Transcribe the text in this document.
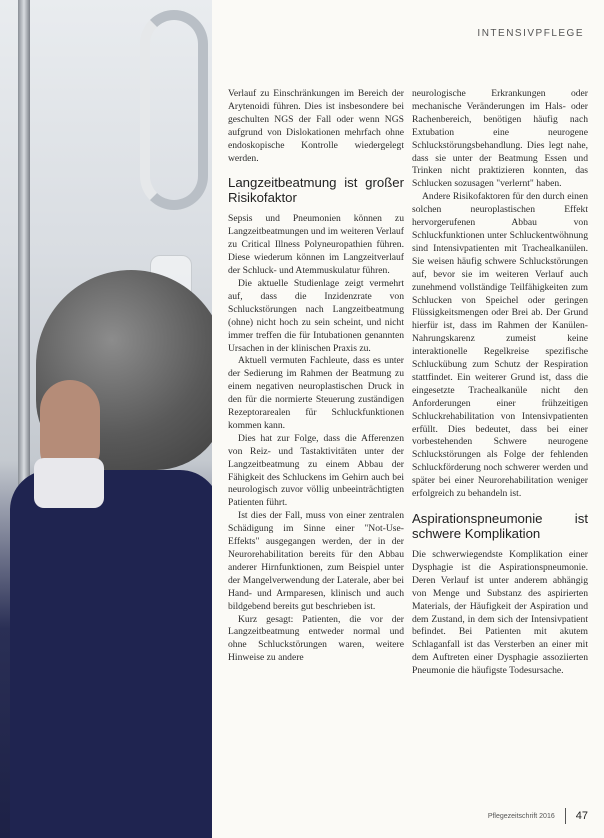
INTENSIVPFLEGE

Verlauf zu Einschränkungen im Bereich der Arytenoidi führen. Dies ist insbesondere bei geschulten NGS der Fall oder wenn NGS aufgrund von Dislokationen mehrfach ohne endoskopische Kontrolle wiedergelegt werden.

Langzeitbeatmung ist großer Risikofaktor

Sepsis und Pneumonien können zu Langzeitbeatmungen und im weiteren Verlauf zu Critical Illness Polyneuropathien führen. Diese wiederum können im Langzeitverlauf der Schluck- und Atemmuskulatur führen.

Die aktuelle Studienlage zeigt vermehrt auf, dass die Inzidenzrate von Schluckstörungen nach Langzeitbeatmung (ohne) nicht hoch zu sein scheint, und nicht immer treffen die für Intubationen genannten Ursachen in der klinischen Praxis zu.

Aktuell vermuten Fachleute, dass es unter der Sedierung im Rahmen der Beatmung zu einem negativen neuroplastischen Druck in den für die normierte Steuerung zuständigen Rezeptorarealen für Schluckfunktionen kommen kann.

Dies hat zur Folge, dass die Afferenzen von Reiz- und Tastaktivitäten unter der Langzeitbeatmung zu einem Abbau der Fähigkeit des Schluckens im Gehirn auch bei neurologisch zuvor völlig unbeeinträchtigten Patienten führt.

Ist dies der Fall, muss von einer zentralen Schädigung im Sinne einer "Not-Use-Effekts" ausgegangen werden, der in der Neurorehabilitation bereits für den Abbau anderer Hirnfunktionen, zum Beispiel unter der Mangelverwendung der Laterale, aber bei Hand- und Armparesen, klinisch und auch bildgebend bereits gut beschrieben ist.

Kurz gesagt: Patienten, die vor der Langzeitbeatmung entweder normal und ohne Schluckstörungen waren, weitere Hinweise zu andere

neurologische Erkrankungen oder mechanische Veränderungen im Hals- oder Rachenbereich, benötigen häufig nach Extubation eine neurogene Schluckstörungsbehandlung. Dies legt nahe, dass sie unter der Beatmung Essen und Trinken nicht praktizieren konnten, das Schlucken sozusagen "verlernt" haben.

Andere Risikofaktoren für den durch einen solchen neuroplastischen Effekt hervorgerufenen Abbau von Schluckfunktionen unter Schluckentwöhnung sind Intensivpatienten mit Trachealkanülen. Sie weisen häufig schwere Schluckstörungen auf, bevor sie im weiteren Verlauf auch zunehmend vollständige Teilfähigkeiten zum Schlucken von Speichel oder geringen Flüssigkeitsmengen oder Brei ab. Der Grund hierfür ist, dass im Rahmen der Kanülen-Nahrungskarenz zumeist keine interaktionelle Regelkreise spezifische Schluckübung zum Schutz der Respiration stattfindet. Ein weiterer Grund ist, dass die eingesetzte Trachealkanüle nicht den Anforderungen einer frühzeitigen Schluckrehabilitation von Intensivpatienten erfüllt. Dies bedeutet, dass bei einer vorbestehenden Schwere neurogene Schluckstörungen als Folge der fehlenden Schluckförderung noch schwerer werden und später bei einer Neurorehabilitation weniger erfolgreich zu behandeln ist.

Aspirationspneumonie ist schwere Komplikation

Die schwerwiegendste Komplikation einer Dysphagie ist die Aspirationspneumonie. Deren Verlauf ist unter anderem abhängig von Menge und Substanz des aspirierten Materials, der Häufigkeit der Aspiration und dem Zustand, in dem sich der Intensivpatient befindet. Bei Patienten mit akutem Schlaganfall ist das Versterben an einer mit dem Auftreten einer Dysphagie assoziierten Pneumonie die häufigste Todesursache.

Pflegezeitschrift 2016 47
